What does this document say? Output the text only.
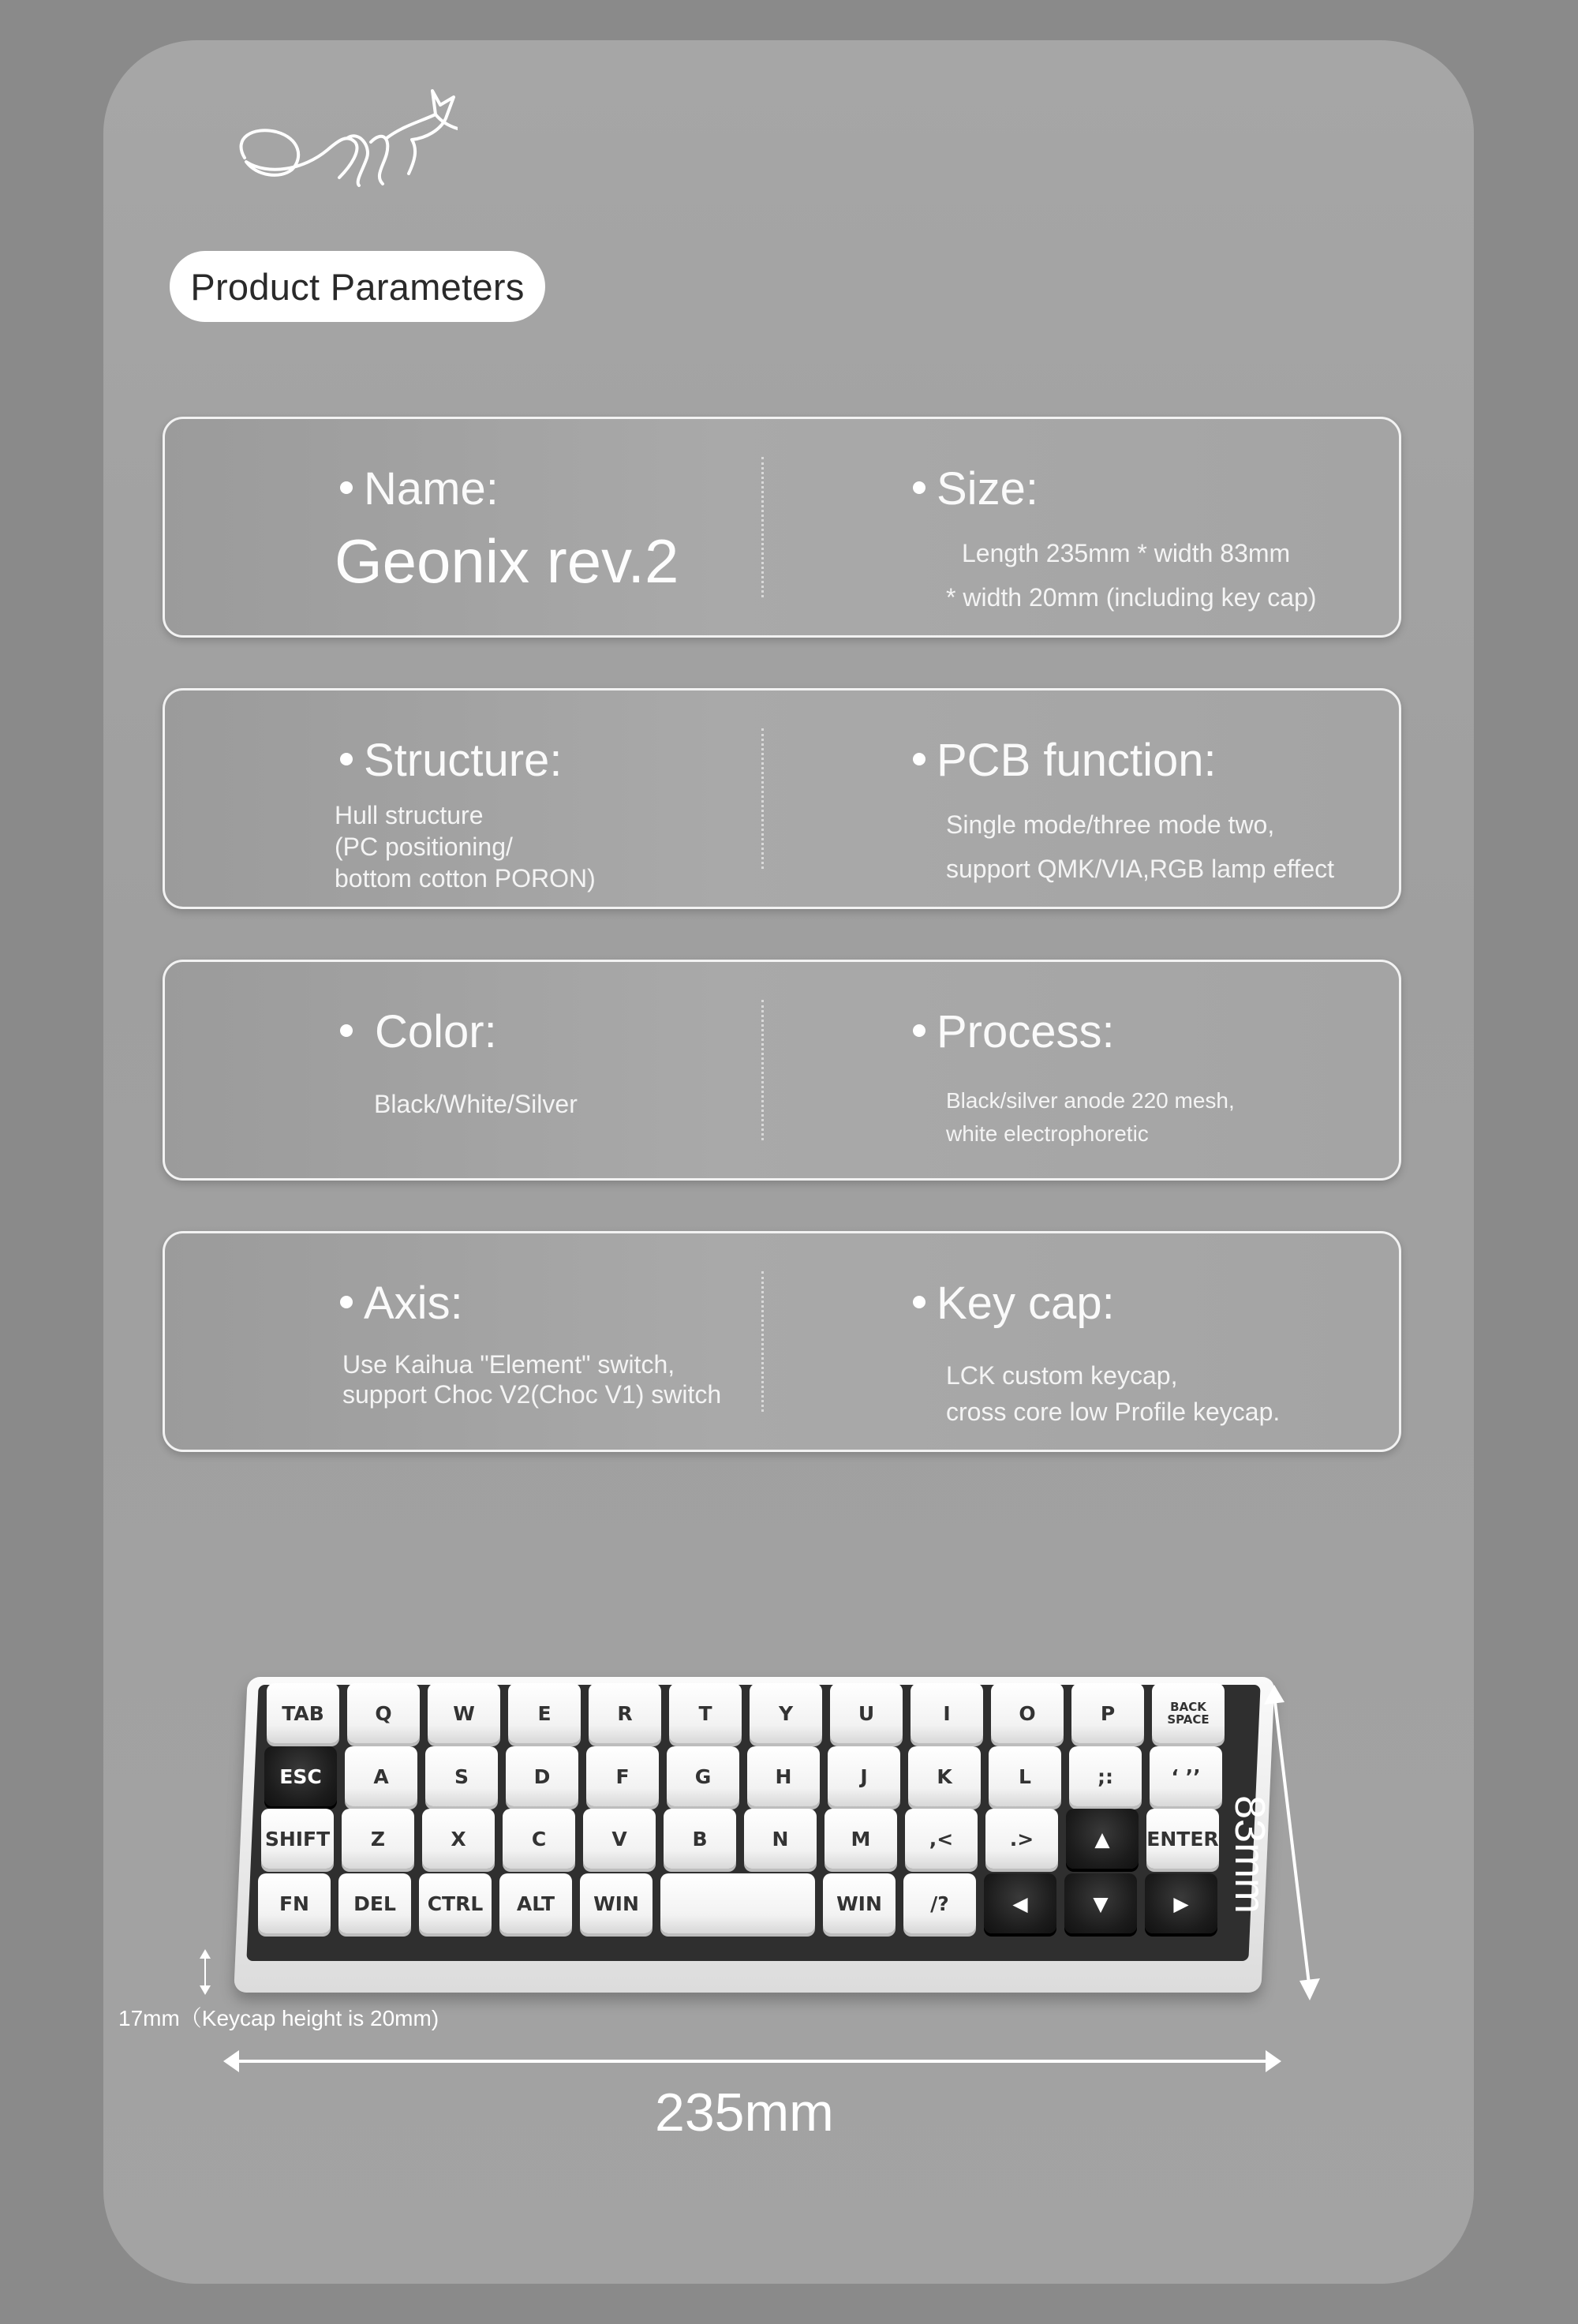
Product Parameters
Name:
Geonix rev.2
Size:
Length 235mm * width 83mm
* width 20mm (including key cap)
Structure:
Hull structure
(PC positioning/
bottom cotton PORON)
PCB function:
Single mode/three mode two,
support QMK/VIA,RGB lamp effect
Color:
Black/White/Silver
Process:
Black/silver anode 220 mesh,
white electrophoretic
Axis:
Use Kaihua "Element" switch,
support Choc V2(Choc V1) switch
Key cap:
LCK custom keycap,
cross core low Profile keycap.
TAB	Q	W	E	R	T	Y	U	I	O	P	BACK SPACE
ESC	A	S	D	F	G	H	J	K	L	;:	‘ ’’
SHIFT	Z	X	C	V	B	N	M	,<	.>	▲	ENTER
FN	DEL	CTRL	ALT	WIN	WIN	/?	◀	▼	▶
17mm（Keycap height is 20mm)
235mm
83mm
